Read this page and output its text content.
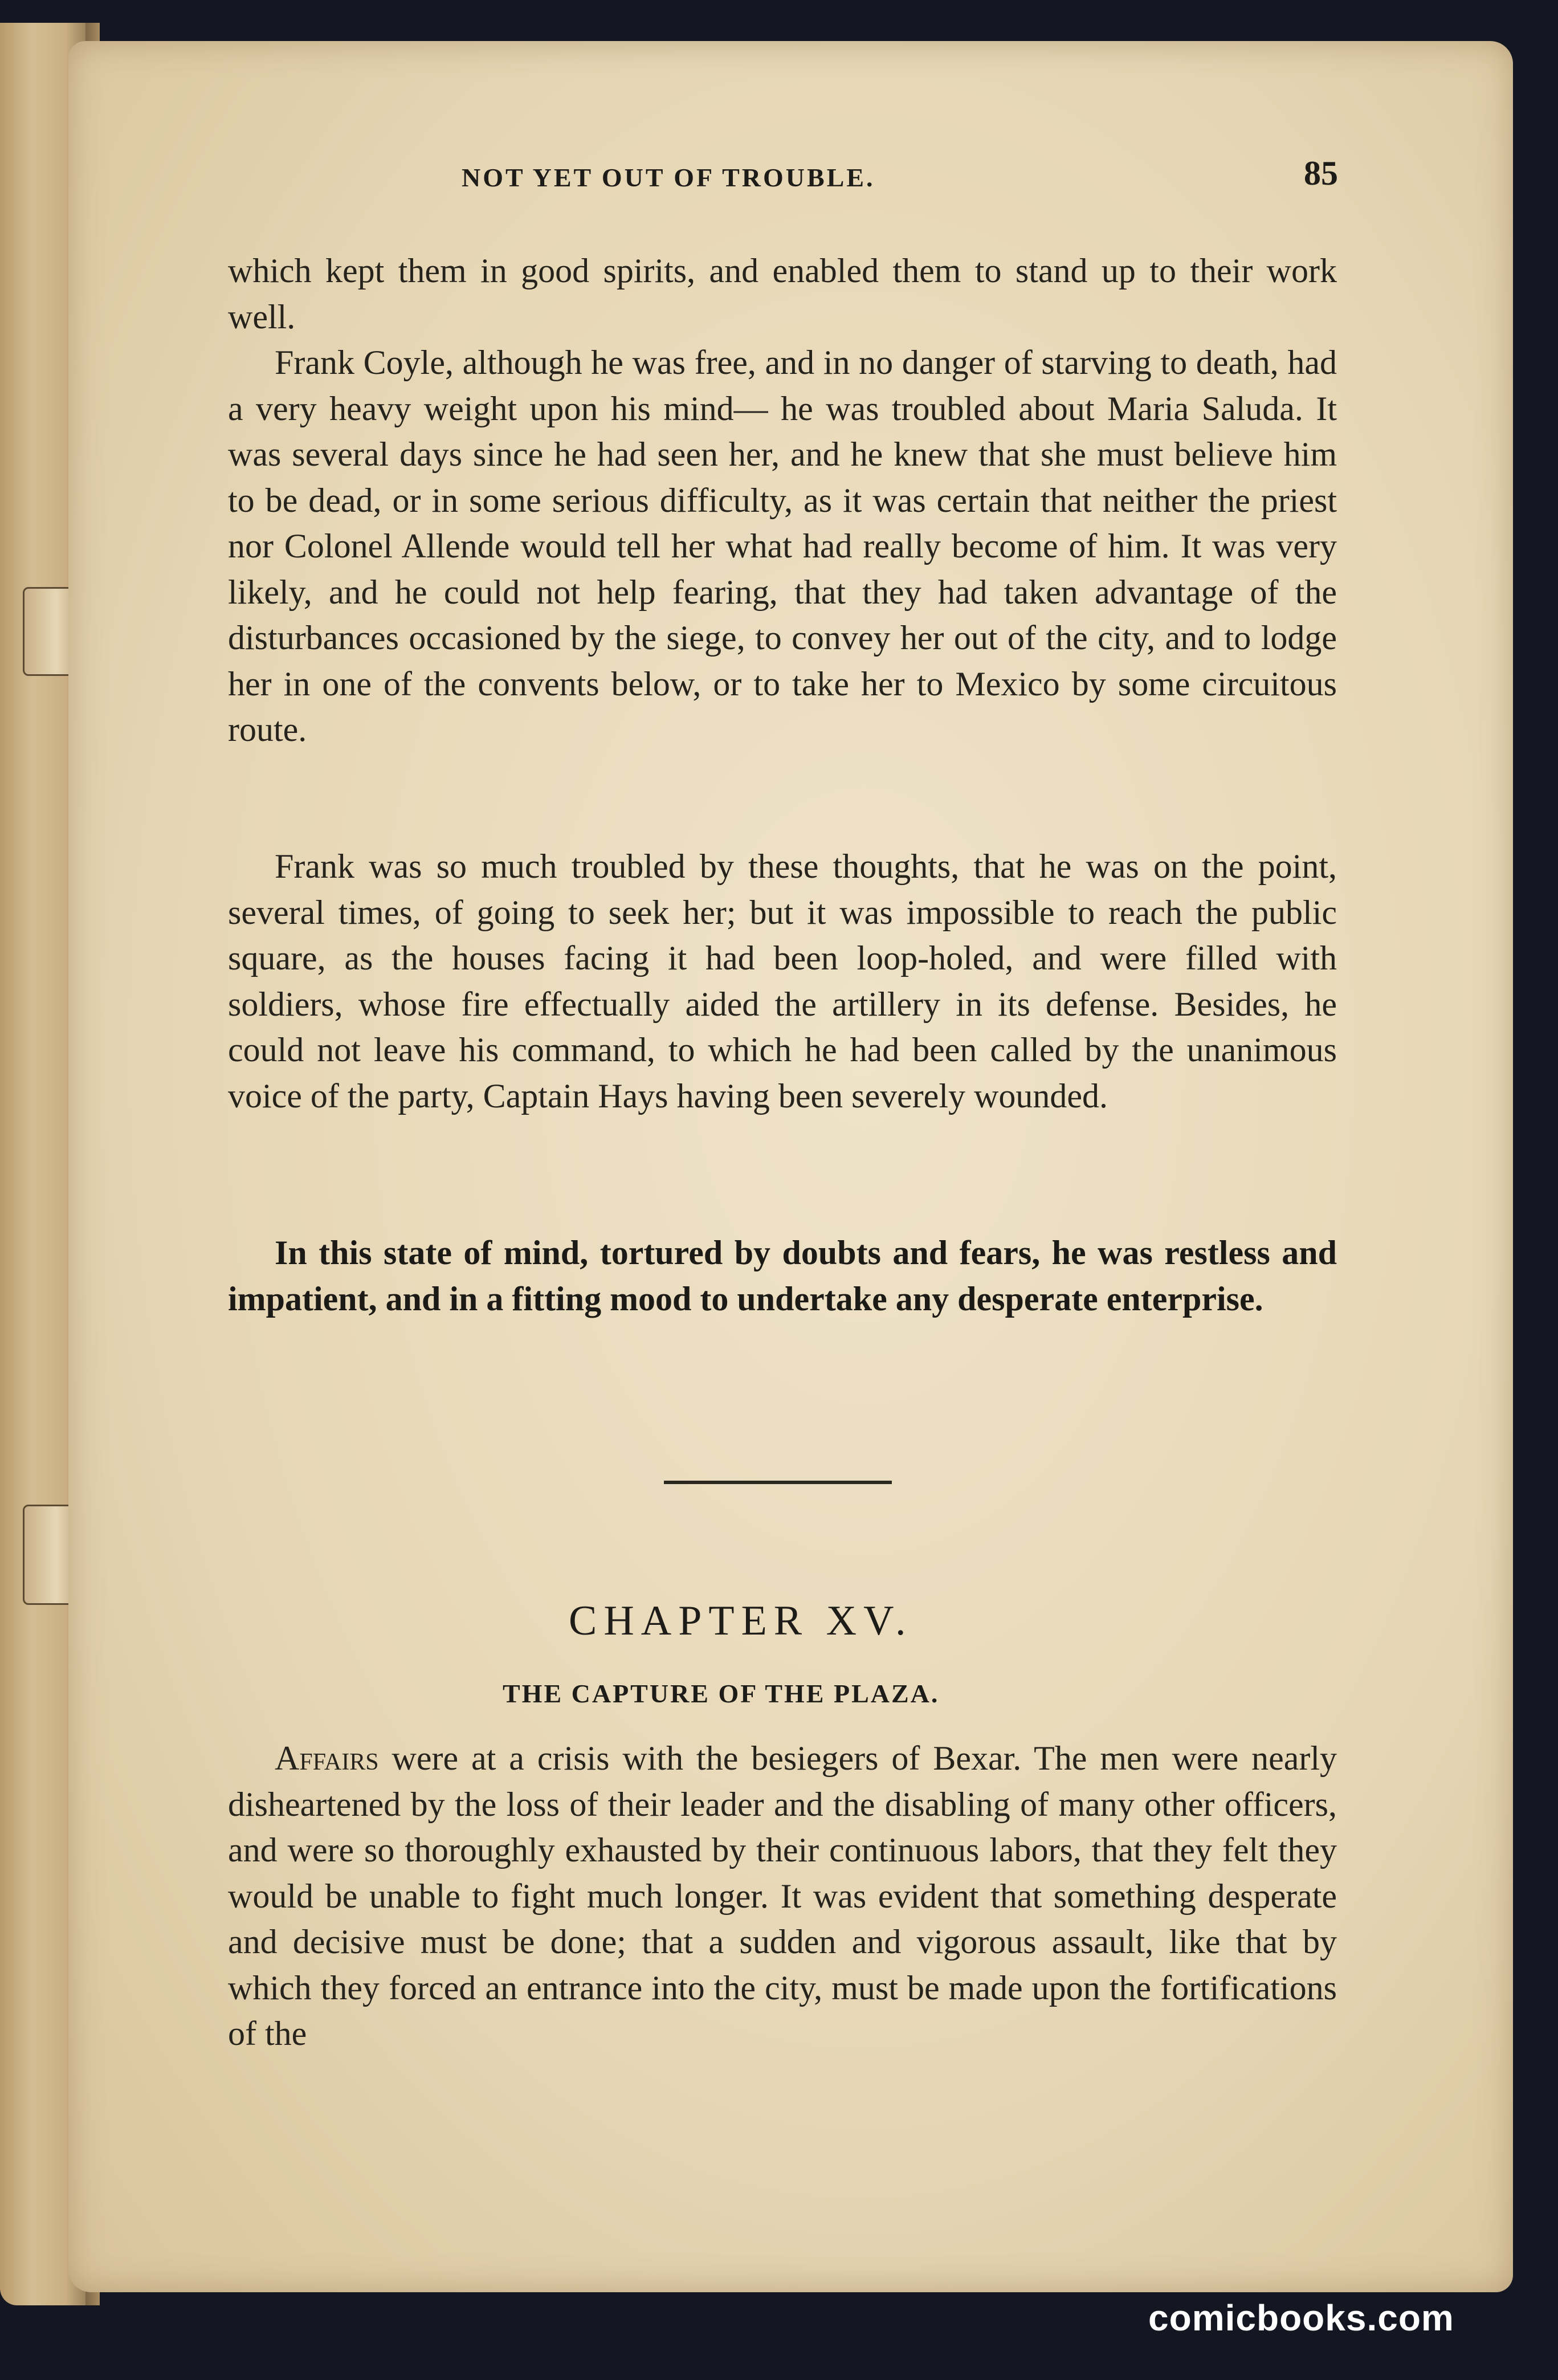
NOT YET OUT OF TROUBLE.	85

which kept them in good spirits, and enabled them to stand up to their work well.

Frank Coyle, although he was free, and in no danger of starving to death, had a very heavy weight upon his mind— he was troubled about Maria Saluda. It was several days since he had seen her, and he knew that she must believe him to be dead, or in some serious difficulty, as it was certain that neither the priest nor Colonel Allende would tell her what had really become of him. It was very likely, and he could not help fearing, that they had taken advantage of the disturbances occasioned by the siege, to convey her out of the city, and to lodge her in one of the convents below, or to take her to Mexico by some circuitous route.

Frank was so much troubled by these thoughts, that he was on the point, several times, of going to seek her; but it was impossible to reach the public square, as the houses facing it had been loop-holed, and were filled with soldiers, whose fire effectually aided the artillery in its defense. Besides, he could not leave his command, to which he had been called by the unanimous voice of the party, Captain Hays having been severely wounded.

In this state of mind, tortured by doubts and fears, he was restless and impatient, and in a fitting mood to undertake any desperate enterprise.

CHAPTER XV.
THE CAPTURE OF THE PLAZA.

Affairs were at a crisis with the besiegers of Bexar. The men were nearly disheartened by the loss of their leader and the disabling of many other officers, and were so thoroughly exhausted by their continuous labors, that they felt they would be unable to fight much longer. It was evident that something desperate and decisive must be done; that a sudden and vigorous assault, like that by which they forced an entrance into the city, must be made upon the fortifications of the

comicbooks.com
